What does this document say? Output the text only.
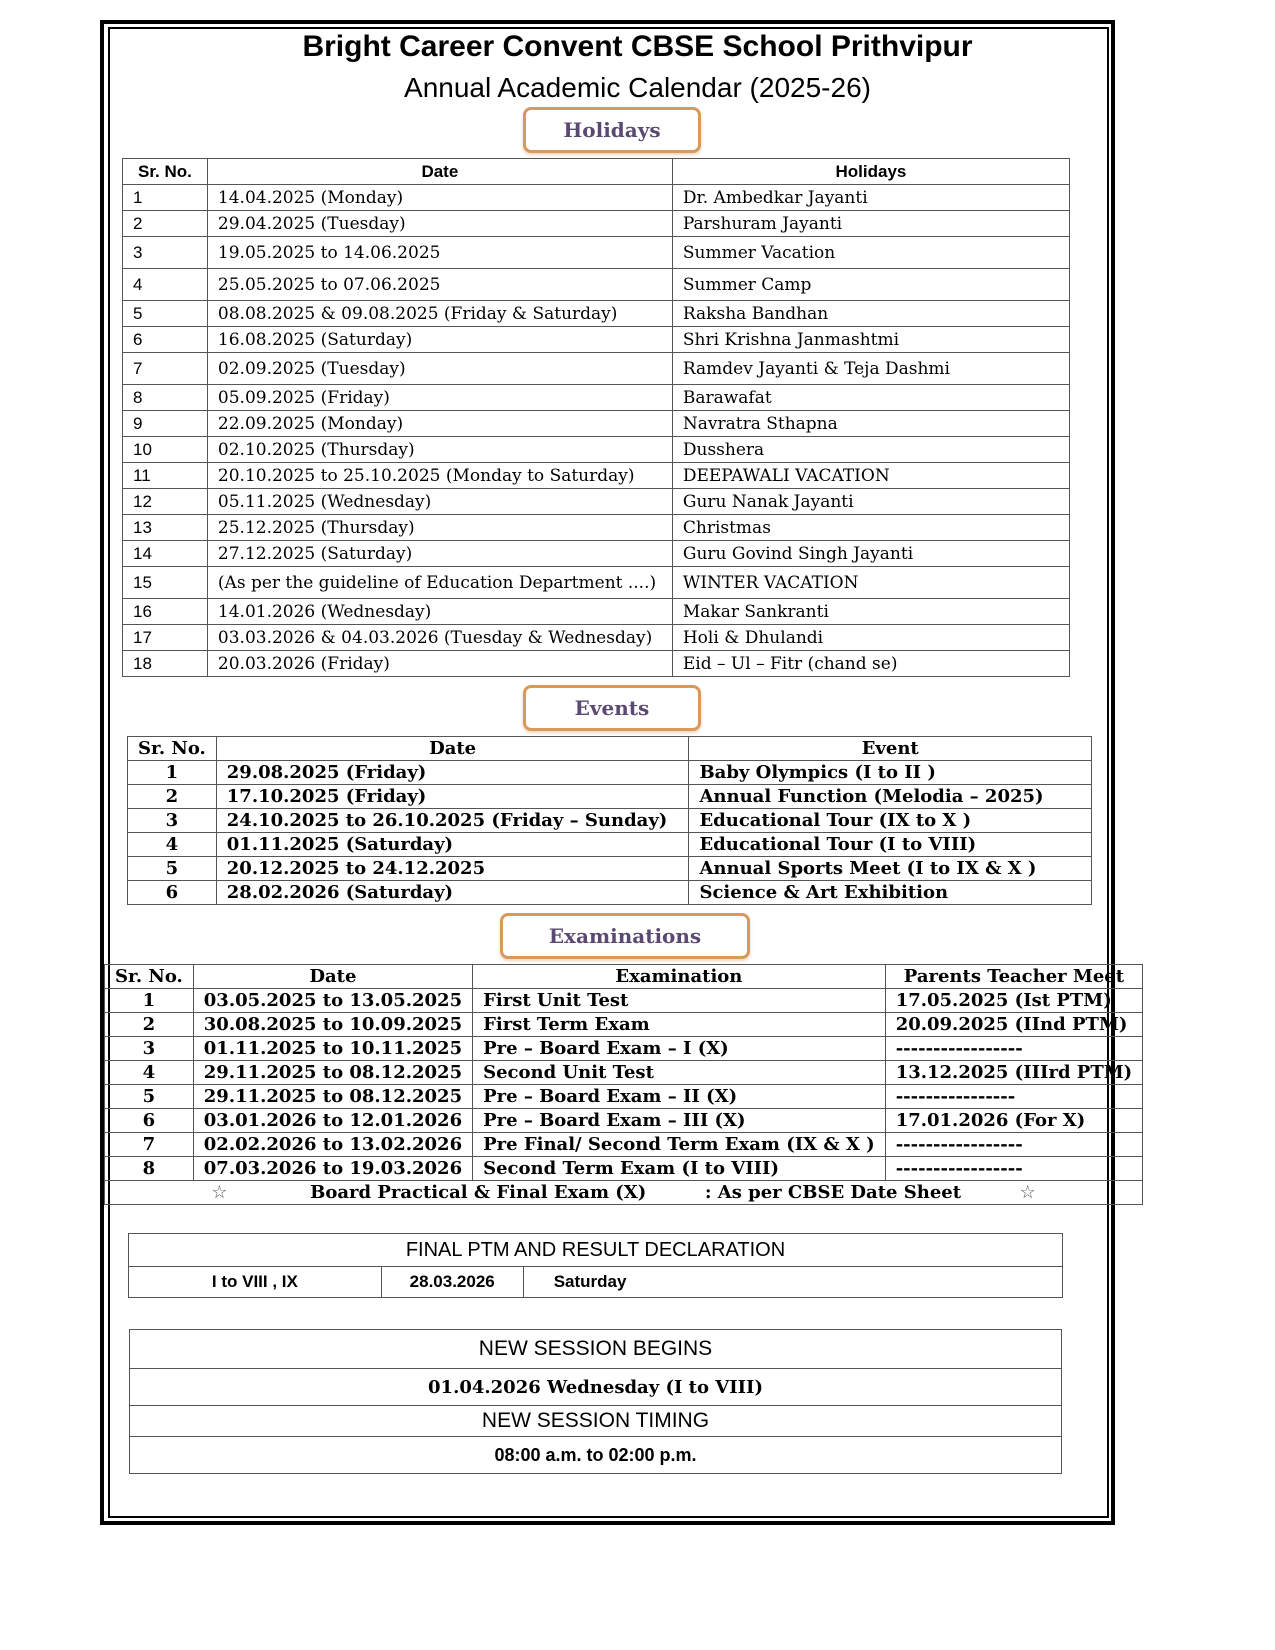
Bright Career Convent CBSE School Prithvipur
Annual Academic Calendar (2025-26)
Holidays
Sr. No.	Date	Holidays
1	14.04.2025 (Monday)	Dr. Ambedkar Jayanti
2	29.04.2025 (Tuesday)	Parshuram Jayanti
3	19.05.2025 to 14.06.2025	Summer Vacation
4	25.05.2025 to 07.06.2025	Summer Camp
5	08.08.2025 & 09.08.2025 (Friday & Saturday)	Raksha Bandhan
6	16.08.2025 (Saturday)	Shri Krishna Janmashtmi
7	02.09.2025 (Tuesday)	Ramdev Jayanti & Teja Dashmi
8	05.09.2025 (Friday)	Barawafat
9	22.09.2025 (Monday)	Navratra Sthapna
10	02.10.2025 (Thursday)	Dusshera
11	20.10.2025 to 25.10.2025 (Monday to Saturday)	DEEPAWALI VACATION
12	05.11.2025 (Wednesday)	Guru Nanak Jayanti
13	25.12.2025 (Thursday)	Christmas
14	27.12.2025 (Saturday)	Guru Govind Singh Jayanti
15	(As per the guideline of Education Department ....)	WINTER VACATION
16	14.01.2026 (Wednesday)	Makar Sankranti
17	03.03.2026 & 04.03.2026 (Tuesday & Wednesday)	Holi & Dhulandi
18	20.03.2026 (Friday)	Eid – Ul – Fitr (chand se)
Events
Sr. No.	Date	Event
1	29.08.2025 (Friday)	Baby Olympics (I to II )
2	17.10.2025 (Friday)	Annual Function (Melodia – 2025)
3	24.10.2025 to 26.10.2025 (Friday – Sunday)	Educational Tour (IX to X )
4	01.11.2025 (Saturday)	Educational Tour (I to VIII)
5	20.12.2025 to 24.12.2025	Annual Sports Meet (I to IX & X )
6	28.02.2026 (Saturday)	Science & Art Exhibition
Examinations
Sr. No.	Date	Examination	Parents Teacher Meet
1	03.05.2025 to 13.05.2025	First Unit Test	17.05.2025 (Ist PTM)
2	30.08.2025 to 10.09.2025	First Term Exam	20.09.2025 (IInd PTM)
3	01.11.2025 to 10.11.2025	Pre – Board Exam – I (X)	-----------------
4	29.11.2025 to 08.12.2025	Second Unit Test	13.12.2025 (IIIrd PTM)
5	29.11.2025 to 08.12.2025	Pre – Board Exam – II (X)	----------------
6	03.01.2026 to 12.01.2026	Pre – Board Exam – III (X)	17.01.2026 (For X)
7	02.02.2026 to 13.02.2026	Pre Final/ Second Term Exam (IX & X )	-----------------
8	07.03.2026 to 19.03.2026	Second Term Exam (I to VIII)	-----------------
☆ Board Practical & Final Exam (X) : As per CBSE Date Sheet ☆			
FINAL PTM AND RESULT DECLARATION
I to VIII , IX	28.03.2026	Saturday
NEW SESSION BEGINS
01.04.2026 Wednesday (I to VIII)
NEW SESSION TIMING
08:00 a.m. to 02:00 p.m.
